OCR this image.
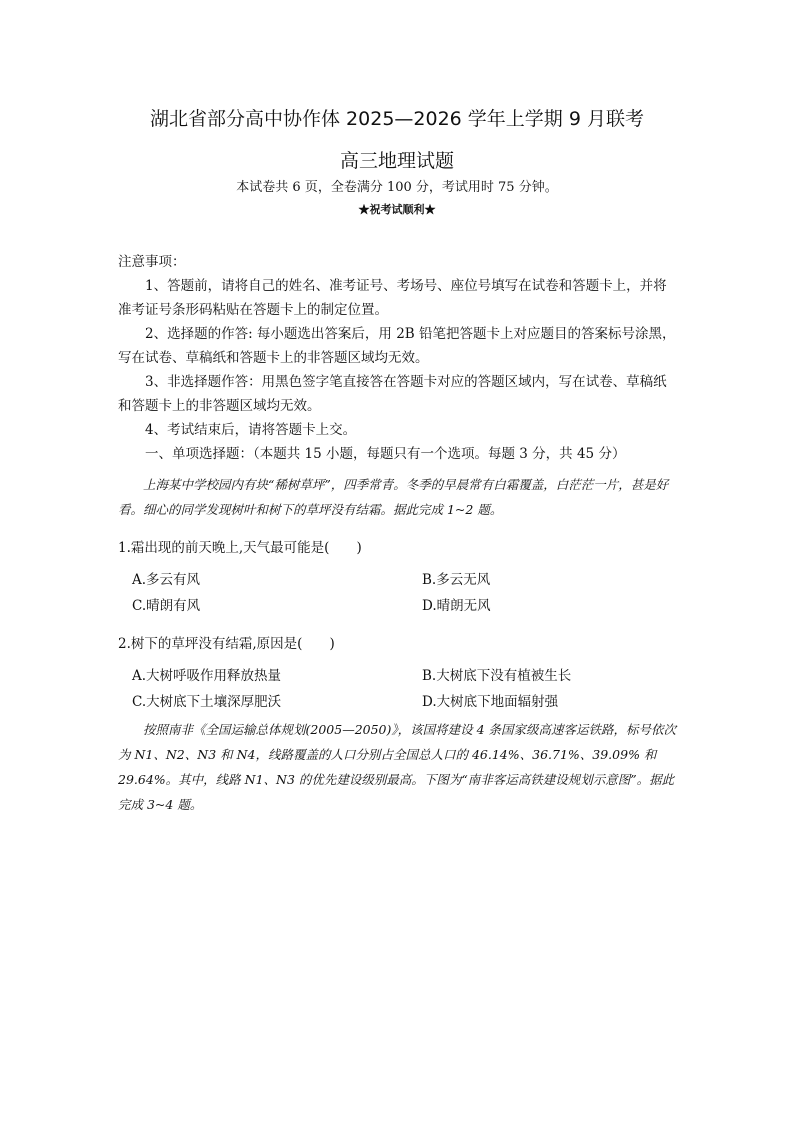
湖北省部分高中协作体 2025—2026 学年上学期 9 月联考
高三地理试题
本试卷共 6 页，全卷满分 100 分，考试用时 75 分钟。
★祝考试顺利★
注意事项：
1、答题前，请将自己的姓名、准考证号、考场号、座位号填写在试卷和答题卡上，并将准考证号条形码粘贴在答题卡上的制定位置。
2、选择题的作答: 每小题选出答案后，用 2B 铅笔把答题卡上对应题目的答案标号涂黑，写在试卷、草稿纸和答题卡上的非答题区域均无效。
3、非选择题作答：用黑色签字笔直接答在答题卡对应的答题区域内，写在试卷、草稿纸和答题卡上的非答题区域均无效。
4、考试结束后，请将答题卡上交。
一、单项选择题：（本题共 15 小题，每题只有一个选项。每题 3 分，共 45 分）
上海某中学校园内有块“稀树草坪”，四季常青。冬季的早晨常有白霜覆盖，白茫茫一片，甚是好看。细心的同学发现树叶和树下的草坪没有结霜。据此完成 1~2 题。
1.霜出现的前天晚上,天气最可能是(　　)
A.多云有风	B.多云无风
C.晴朗有风	D.晴朗无风
2.树下的草坪没有结霜,原因是(　　)
A.大树呼吸作用释放热量	B.大树底下没有植被生长
C.大树底下土壤深厚肥沃	D.大树底下地面辐射强
按照南非《全国运输总体规划(2005—2050)》，该国将建设 4 条国家级高速客运铁路，标号依次为 N1、N2、N3 和 N4，线路覆盖的人口分别占全国总人口的 46.14%、36.71%、39.09% 和 29.64%。其中，线路 N1、N3 的优先建设级别最高。下图为“南非客运高铁建设规划示意图”。据此完成 3~4 题。
